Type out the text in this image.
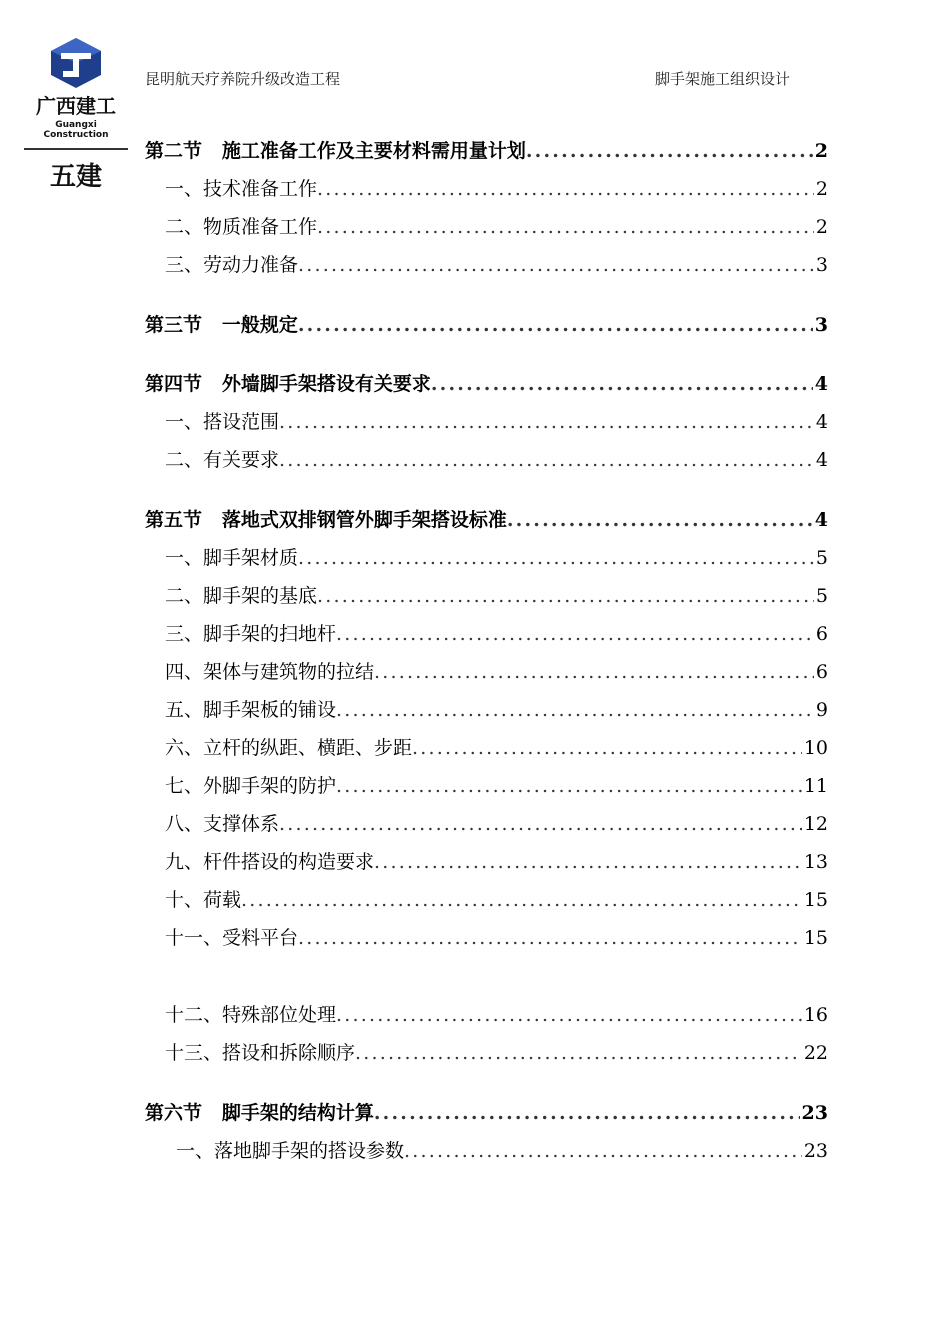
广西建工
Guangxi Construction
五建
昆明航天疗养院升级改造工程	脚手架施工组织设计
第二节   施工准备工作及主要材料需用量计划 .....	2
一、技术准备工作 .....	2
二、物质准备工作 .....	2
三、劳动力准备 .....	3
第三节   一般规定 .....	3
第四节   外墙脚手架搭设有关要求 .....	4
一、搭设范围 .....	4
二、有关要求 .....	4
第五节   落地式双排钢管外脚手架搭设标准 .....	4
一、脚手架材质 .....	5
二、脚手架的基底 .....	5
三、脚手架的扫地杆 .....	6
四、架体与建筑物的拉结 .....	6
五、脚手架板的铺设 .....	9
六、立杆的纵距、横距、步距 .....	10
七、外脚手架的防护 .....	11
八、支撑体系 .....	12
九、杆件搭设的构造要求 .....	13
十、荷载 .....	15
十一、受料平台 .....	15
十二、特殊部位处理 .....	16
十三、搭设和拆除顺序 .....	22
第六节   脚手架的结构计算 .....	23
一、落地脚手架的搭设参数 .....	23
